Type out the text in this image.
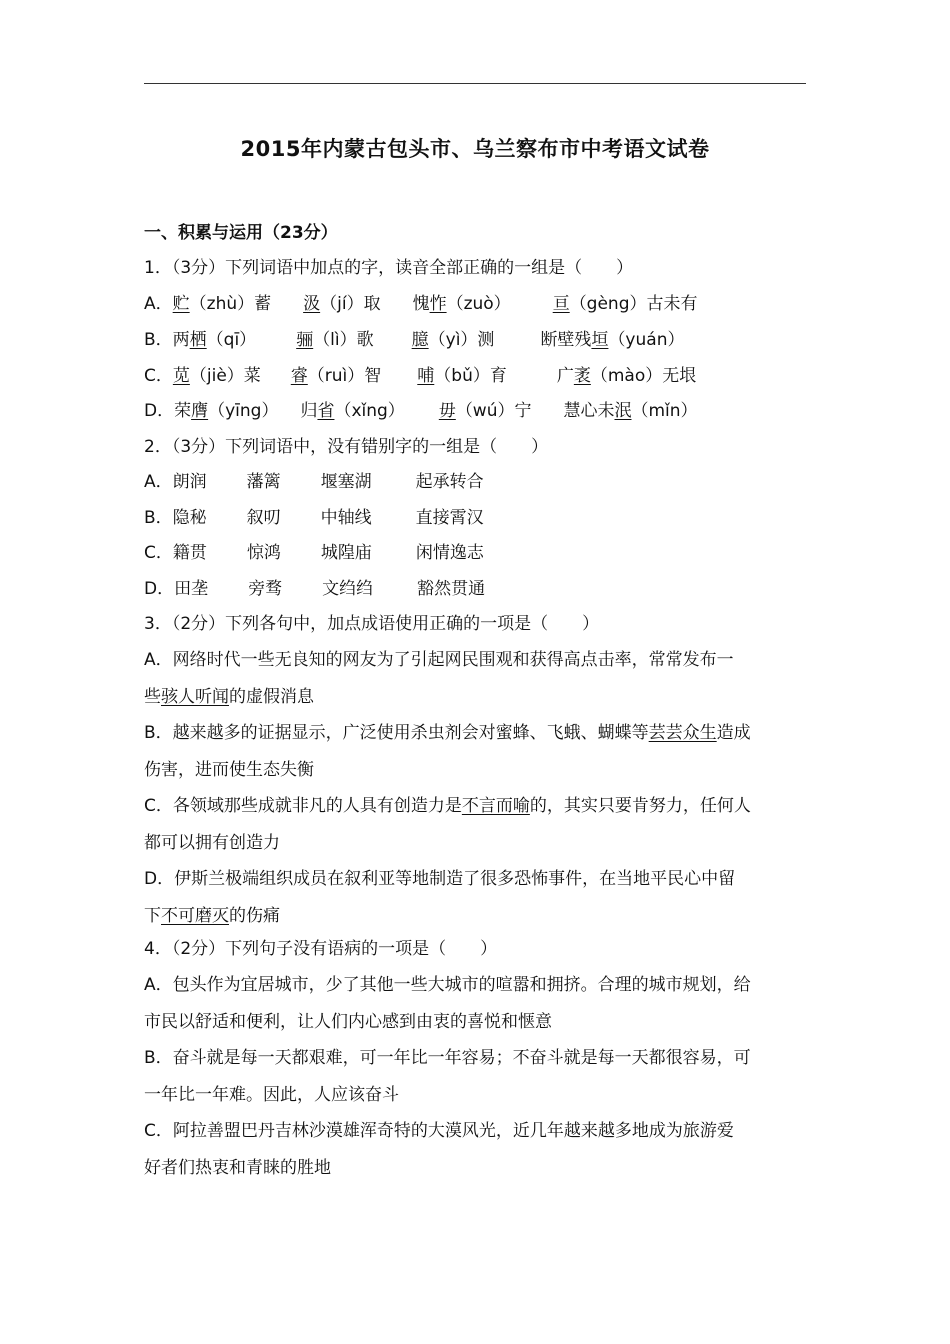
2015年内蒙古包头市、乌兰察布市中考语文试卷
一、积累与运用（23分）
1．（3分）下列词语中加点的字，读音全部正确的一组是（　　）
A．贮（zhù）蓄 汲（jí）取 愧怍（zuò） 亘（gèng）古未有
B．两栖（qī） 骊（lì）歌 臆（yì）测	断壁残垣（yuán）
C．苋（jiè）菜 睿（ruì）智 哺（bǔ）育	广袤（mào）无垠
D．荣膺（yīng） 归省（xǐng） 毋（wú）宁 慧心未泯（mǐn）
2．（3分）下列词语中，没有错别字的一组是（　　）
A．朗润 藩篱 堰塞湖	起承转合
B．隐秘 叙叨 中轴线	直接霄汉
C．籍贯 惊鸿 城隍庙	闲情逸志
D．田垄 旁骛 文绉绉	豁然贯通
3．（2分）下列各句中，加点成语使用正确的一项是（　　）
A．网络时代一些无良知的网友为了引起网民围观和获得高点击率，常常发布一
些骇人听闻的虚假消息
B．越来越多的证据显示，广泛使用杀虫剂会对蜜蜂、飞蛾、蝴蝶等芸芸众生造成
伤害，进而使生态失衡
C．各领域那些成就非凡的人具有创造力是不言而喻的，其实只要肯努力，任何人
都可以拥有创造力
D．伊斯兰极端组织成员在叙利亚等地制造了很多恐怖事件，在当地平民心中留
下不可磨灭的伤痛
4．（2分）下列句子没有语病的一项是（　　）
A．包头作为宜居城市，少了其他一些大城市的喧嚣和拥挤。合理的城市规划，给
市民以舒适和便利，让人们内心感到由衷的喜悦和惬意
B．奋斗就是每一天都艰难，可一年比一年容易；不奋斗就是每一天都很容易，可
一年比一年难。因此，人应该奋斗
C．阿拉善盟巴丹吉林沙漠雄浑奇特的大漠风光，近几年越来越多地成为旅游爱
好者们热衷和青睐的胜地
